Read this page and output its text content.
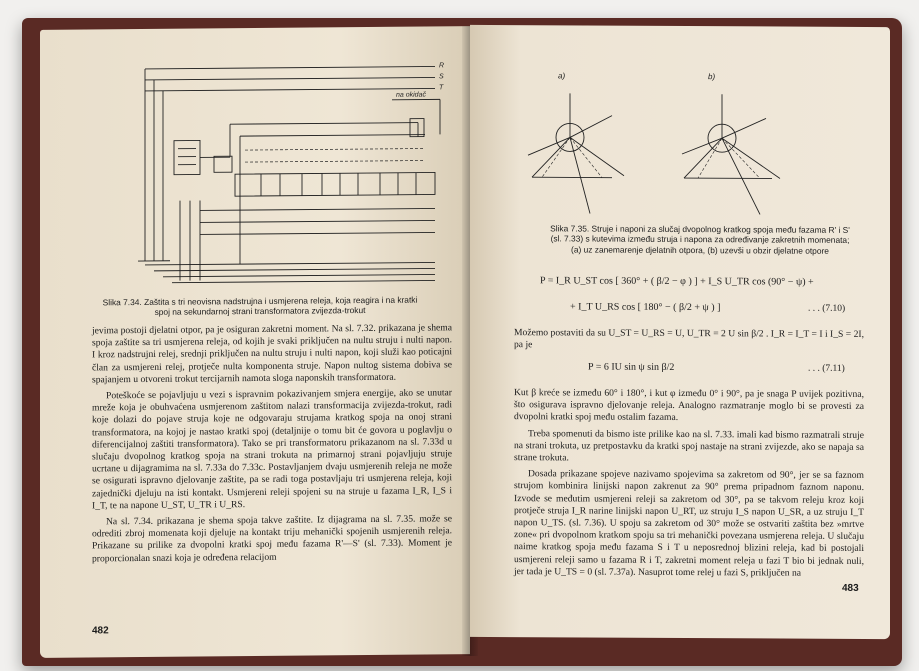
R
S
T
na okidač
Slika 7.34. Zaštita s tri neovisna nadstrujna i usmjerena releja, koja reagira i na kratki spoj na sekundarnoj strani transformatora zvijezda-trokut

jevima postoji djelatni otpor, pa je osiguran zakretni moment. Na sl. 7.32. prikazana je shema spoja zaštite sa tri usmjerena releja, od kojih je svaki priključen na nultu struju i nulti napon. I kroz nadstrujni relej, srednji priključen na nultu struju i nulti napon, koji služi kao poticajni član za usmjereni relej, protječe nulta komponenta struje. Napon nultog sistema dobiva se spajanjem u otvoreni trokut tercijarnih namota sloga naponskih transformatora.

Poteškoće se pojavljuju u vezi s ispravnim pokazivanjem smjera energije, ako se unutar mreže koja je obuhvaćena usmjerenom zaštitom nalazi transformacija zvijezda-trokut, radi koje dolazi do pojave struja koje ne odgovaraju strujama kratkog spoja na onoj strani transformatora, na kojoj je nastao kratki spoj (detaljnije o tomu bit će govora u poglavlju o diferencijalnoj zaštiti transformatora). Tako se pri transformatoru prikazanom na sl. 7.33d u slučaju dvopolnog kratkog spoja na strani trokuta na primarnoj strani pojavljuju struje ucrtane u dijagramima na sl. 7.33a do 7.33c. Postavljanjem dvaju usmjerenih releja ne može se osigurati ispravno djelovanje zaštite, pa se radi toga postavljaju tri usmjerena releja, koji zajednički djeluju na isti kontakt. Usmjereni releji spojeni su na struje u fazama I_R, I_S i I_T, te na napone U_ST, U_TR i U_RS.

Na sl. 7.34. prikazana je shema spoja takve zaštite. Iz dijagrama na sl. 7.35. može se odrediti zbroj momenata koji djeluje na kontakt triju mehanički spojenih usmjerenih releja. Prikazane su prilike za dvopolni kratki spoj među fazama R'—S' (sl. 7.33). Moment je proporcionalan snazi koja je određena relacijom

482
a)	b)
Slika 7.35. Struje i naponi za slučaj dvopolnog kratkog spoja među fazama R' i S' (sl. 7.33) s kutevima između struja i napona za određivanje zakretnih momenata; (a) uz zanemarenje djelatnih otpora, (b) uzevši u obzir djelatne otpore
P = I_R U_ST cos [ 360° + ( β/2 − φ ) ] + I_S U_TR cos (90° − ψ) +
+ I_T U_RS cos [ 180° − ( β/2 + ψ ) ]	. . . (7.10)
Možemo postaviti da su U_ST = U_RS = U, U_TR = 2 U sin β/2 . I_R = I_T = I i I_S = 2I, pa je
P = 6 IU sin ψ sin β/2	. . . (7.11)

Kut β kreće se između 60° i 180°, i kut φ između 0° i 90°, pa je snaga P uvijek pozitivna, što osigurava ispravno djelovanje releja. Analogno razmatranje moglo bi se provesti za dvopolni kratki spoj među ostalim fazama.

Treba spomenuti da bismo iste prilike kao na sl. 7.33. imali kad bismo razmatrali struje na strani trokuta, uz pretpostavku da kratki spoj nastaje na strani zvijezde, ako se napaja sa strane trokuta.

Dosada prikazane spojeve nazivamo spojevima sa zakretom od 90°, jer se sa faznom strujom kombinira linijski napon zakrenut za 90° prema pripadnom faznom naponu. Izvode se međutim usmjereni releji sa zakretom od 30°, pa se takvom releju kroz koji protječe struja I_R narine linijski napon U_RT, uz struju I_S napon U_SR, a uz struju I_T napon U_TS. (sl. 7.36). U spoju sa zakretom od 30° može se ostvariti zaštita bez »mrtve zone« pri dvopolnom kratkom spoju sa tri mehanički povezana usmjerena releja. U slučaju naime kratkog spoja među fazama S i T u neposrednoj blizini releja, kad bi postojali usmjereni releji samo u fazama R i T, zakretni moment releja u fazi T bio bi jednak nuli, jer tada je U_TS = 0 (sl. 7.37a). Nasuprot tome relej u fazi S, priključen na

483
